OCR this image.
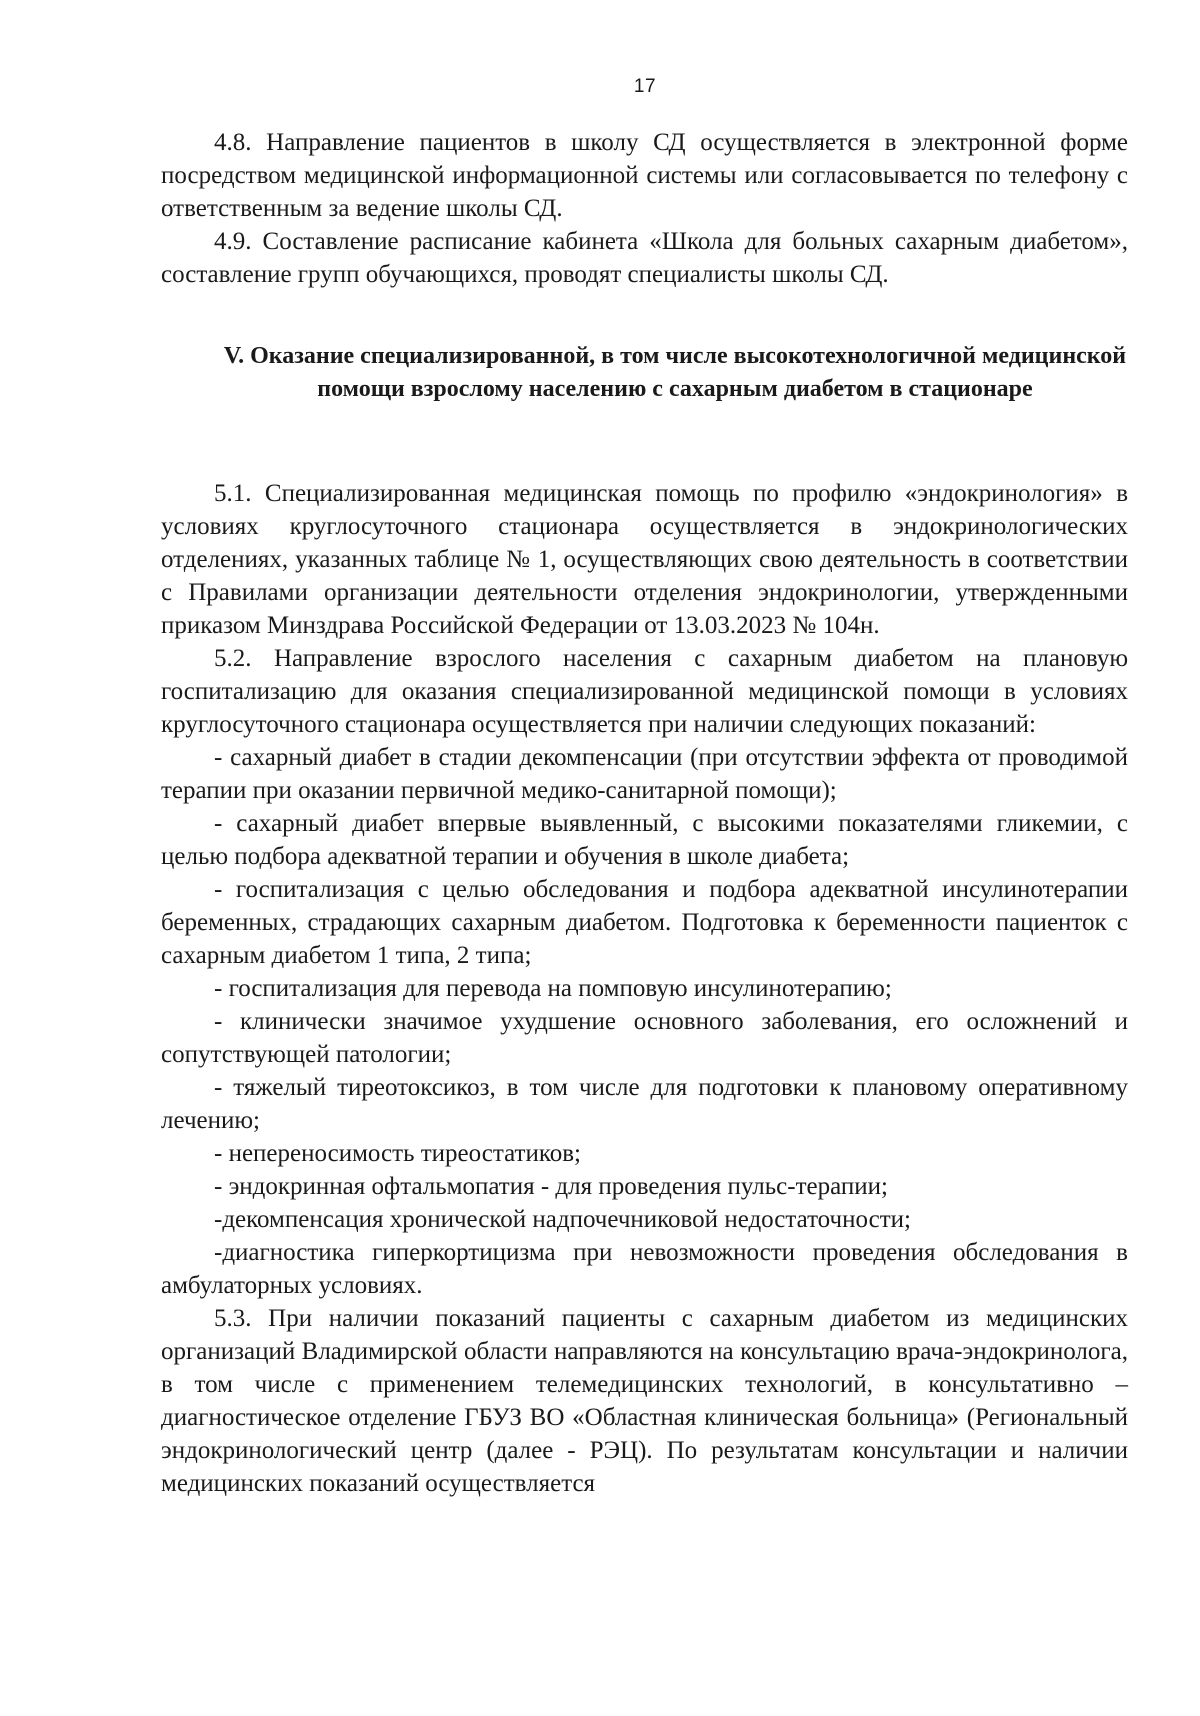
17

4.8. Направление пациентов в школу СД осуществляется в электронной форме посредством медицинской информационной системы или согласовывается по телефону с ответственным за ведение школы СД.

4.9. Составление расписание кабинета «Школа для больных сахарным диабетом», составление групп обучающихся, проводят специалисты школы СД.

V. Оказание специализированной, в том числе высокотехнологичной медицинской помощи взрослому населению с сахарным диабетом в стационаре

5.1. Специализированная медицинская помощь по профилю «эндокринология» в условиях круглосуточного стационара осуществляется в эндокринологических отделениях, указанных таблице № 1, осуществляющих свою деятельность в соответствии с Правилами организации деятельности отделения эндокринологии, утвержденными приказом Минздрава Российской Федерации от 13.03.2023 № 104н.

5.2. Направление взрослого населения с сахарным диабетом на плановую госпитализацию для оказания специализированной медицинской помощи в условиях круглосуточного стационара осуществляется при наличии следующих показаний:

- сахарный диабет в стадии декомпенсации (при отсутствии эффекта от проводимой терапии при оказании первичной медико-санитарной помощи);

- сахарный диабет впервые выявленный, с высокими показателями гликемии, с целью подбора адекватной терапии и обучения в школе диабета;

- госпитализация с целью обследования и подбора адекватной инсулинотерапии беременных, страдающих сахарным диабетом. Подготовка к беременности пациенток с сахарным диабетом 1 типа, 2 типа;

- госпитализация для перевода на помповую инсулинотерапию;

- клинически значимое ухудшение основного заболевания, его осложнений и сопутствующей патологии;

- тяжелый тиреотоксикоз, в том числе для подготовки к плановому оперативному лечению;

- непереносимость тиреостатиков;

- эндокринная офтальмопатия - для проведения пульс-терапии;

-декомпенсация хронической надпочечниковой недостаточности;

-диагностика гиперкортицизма при невозможности проведения обследования в амбулаторных условиях.

5.3. При наличии показаний пациенты с сахарным диабетом из медицинских организаций Владимирской области направляются на консультацию врача-эндокринолога, в том числе с применением телемедицинских технологий, в консультативно – диагностическое отделение ГБУЗ ВО «Областная клиническая больница» (Региональный эндокринологический центр (далее - РЭЦ). По результатам консультации и наличии медицинских показаний осуществляется
